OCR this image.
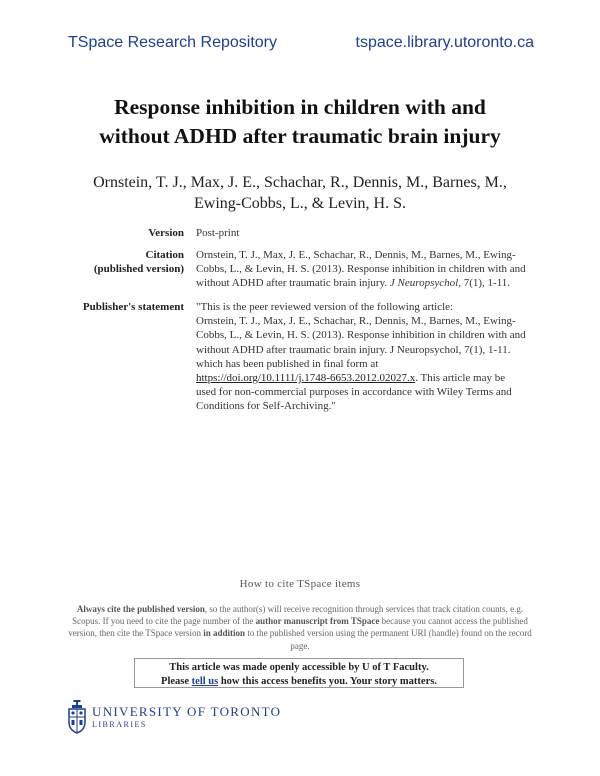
TSpace Research Repository	tspace.library.utoronto.ca
Response inhibition in children with and
without ADHD after traumatic brain injury
Ornstein, T. J., Max, J. E., Schachar, R., Dennis, M., Barnes, M.,
Ewing-Cobbs, L., & Levin, H. S.
Version Post-print
Citation
(published version)
Ornstein, T. J., Max, J. E., Schachar, R., Dennis, M., Barnes, M., Ewing-
Cobbs, L., & Levin, H. S. (2013). Response inhibition in children with and
without ADHD after traumatic brain injury. J Neuropsychol, 7(1), 1-11.
Publisher's statement "This is the peer reviewed version of the following article:
Ornstein, T. J., Max, J. E., Schachar, R., Dennis, M., Barnes, M., Ewing-
Cobbs, L., & Levin, H. S. (2013). Response inhibition in children with and
without ADHD after traumatic brain injury. J Neuropsychol, 7(1), 1-11.
which has been published in final form at
https://doi.org/10.1111/j.1748-6653.2012.02027.x. This article may be
used for non-commercial purposes in accordance with Wiley Terms and
Conditions for Self-Archiving."
How to cite TSpace items
Always cite the published version, so the author(s) will receive recognition through services that track citation counts, e.g. Scopus. If you need to cite the page number of the author manuscript from TSpace because you cannot access the published version, then cite the TSpace version in addition to the published version using the permanent URI (handle) found on the record page.
This article was made openly accessible by U of T Faculty.
Please tell us how this access benefits you. Your story matters.
UNIVERSITY OF TORONTO
LIBRARIES
